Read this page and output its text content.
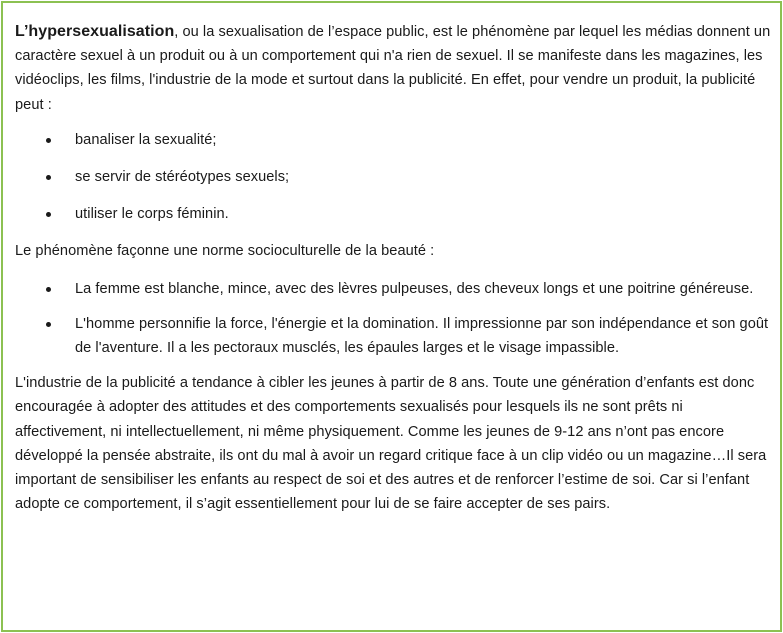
L’hypersexualisation, ou la sexualisation de l’espace public, est le phénomène par lequel les médias donnent un caractère sexuel à un produit ou à un comportement qui n'a rien de sexuel. Il se manifeste dans les magazines, les vidéoclips, les films, l'industrie de la mode et surtout dans la publicité. En effet, pour vendre un produit, la publicité peut :

banaliser la sexualité;
se servir de stéréotypes sexuels;
utiliser le corps féminin.

Le phénomène façonne une norme socioculturelle de la beauté :

La femme est blanche, mince, avec des lèvres pulpeuses, des cheveux longs et une poitrine généreuse.
L'homme personnifie la force, l'énergie et la domination. Il impressionne par son indépendance et son goût de l'aventure. Il a les pectoraux musclés, les épaules larges et le visage impassible.

L'industrie de la publicité a tendance à cibler les jeunes à partir de 8 ans. Toute une génération d’enfants est donc encouragée à adopter des attitudes et des comportements sexualisés pour lesquels ils ne sont prêts ni affectivement, ni intellectuellement, ni même physiquement. Comme les jeunes de 9-12 ans n’ont pas encore développé la pensée abstraite, ils ont du mal à avoir un regard critique face à un clip vidéo ou un magazine…Il sera important de sensibiliser les enfants au respect de soi et des autres et de renforcer l’estime de soi. Car si l’enfant adopte ce comportement, il s’agit essentiellement pour lui de se faire accepter de ses pairs.
